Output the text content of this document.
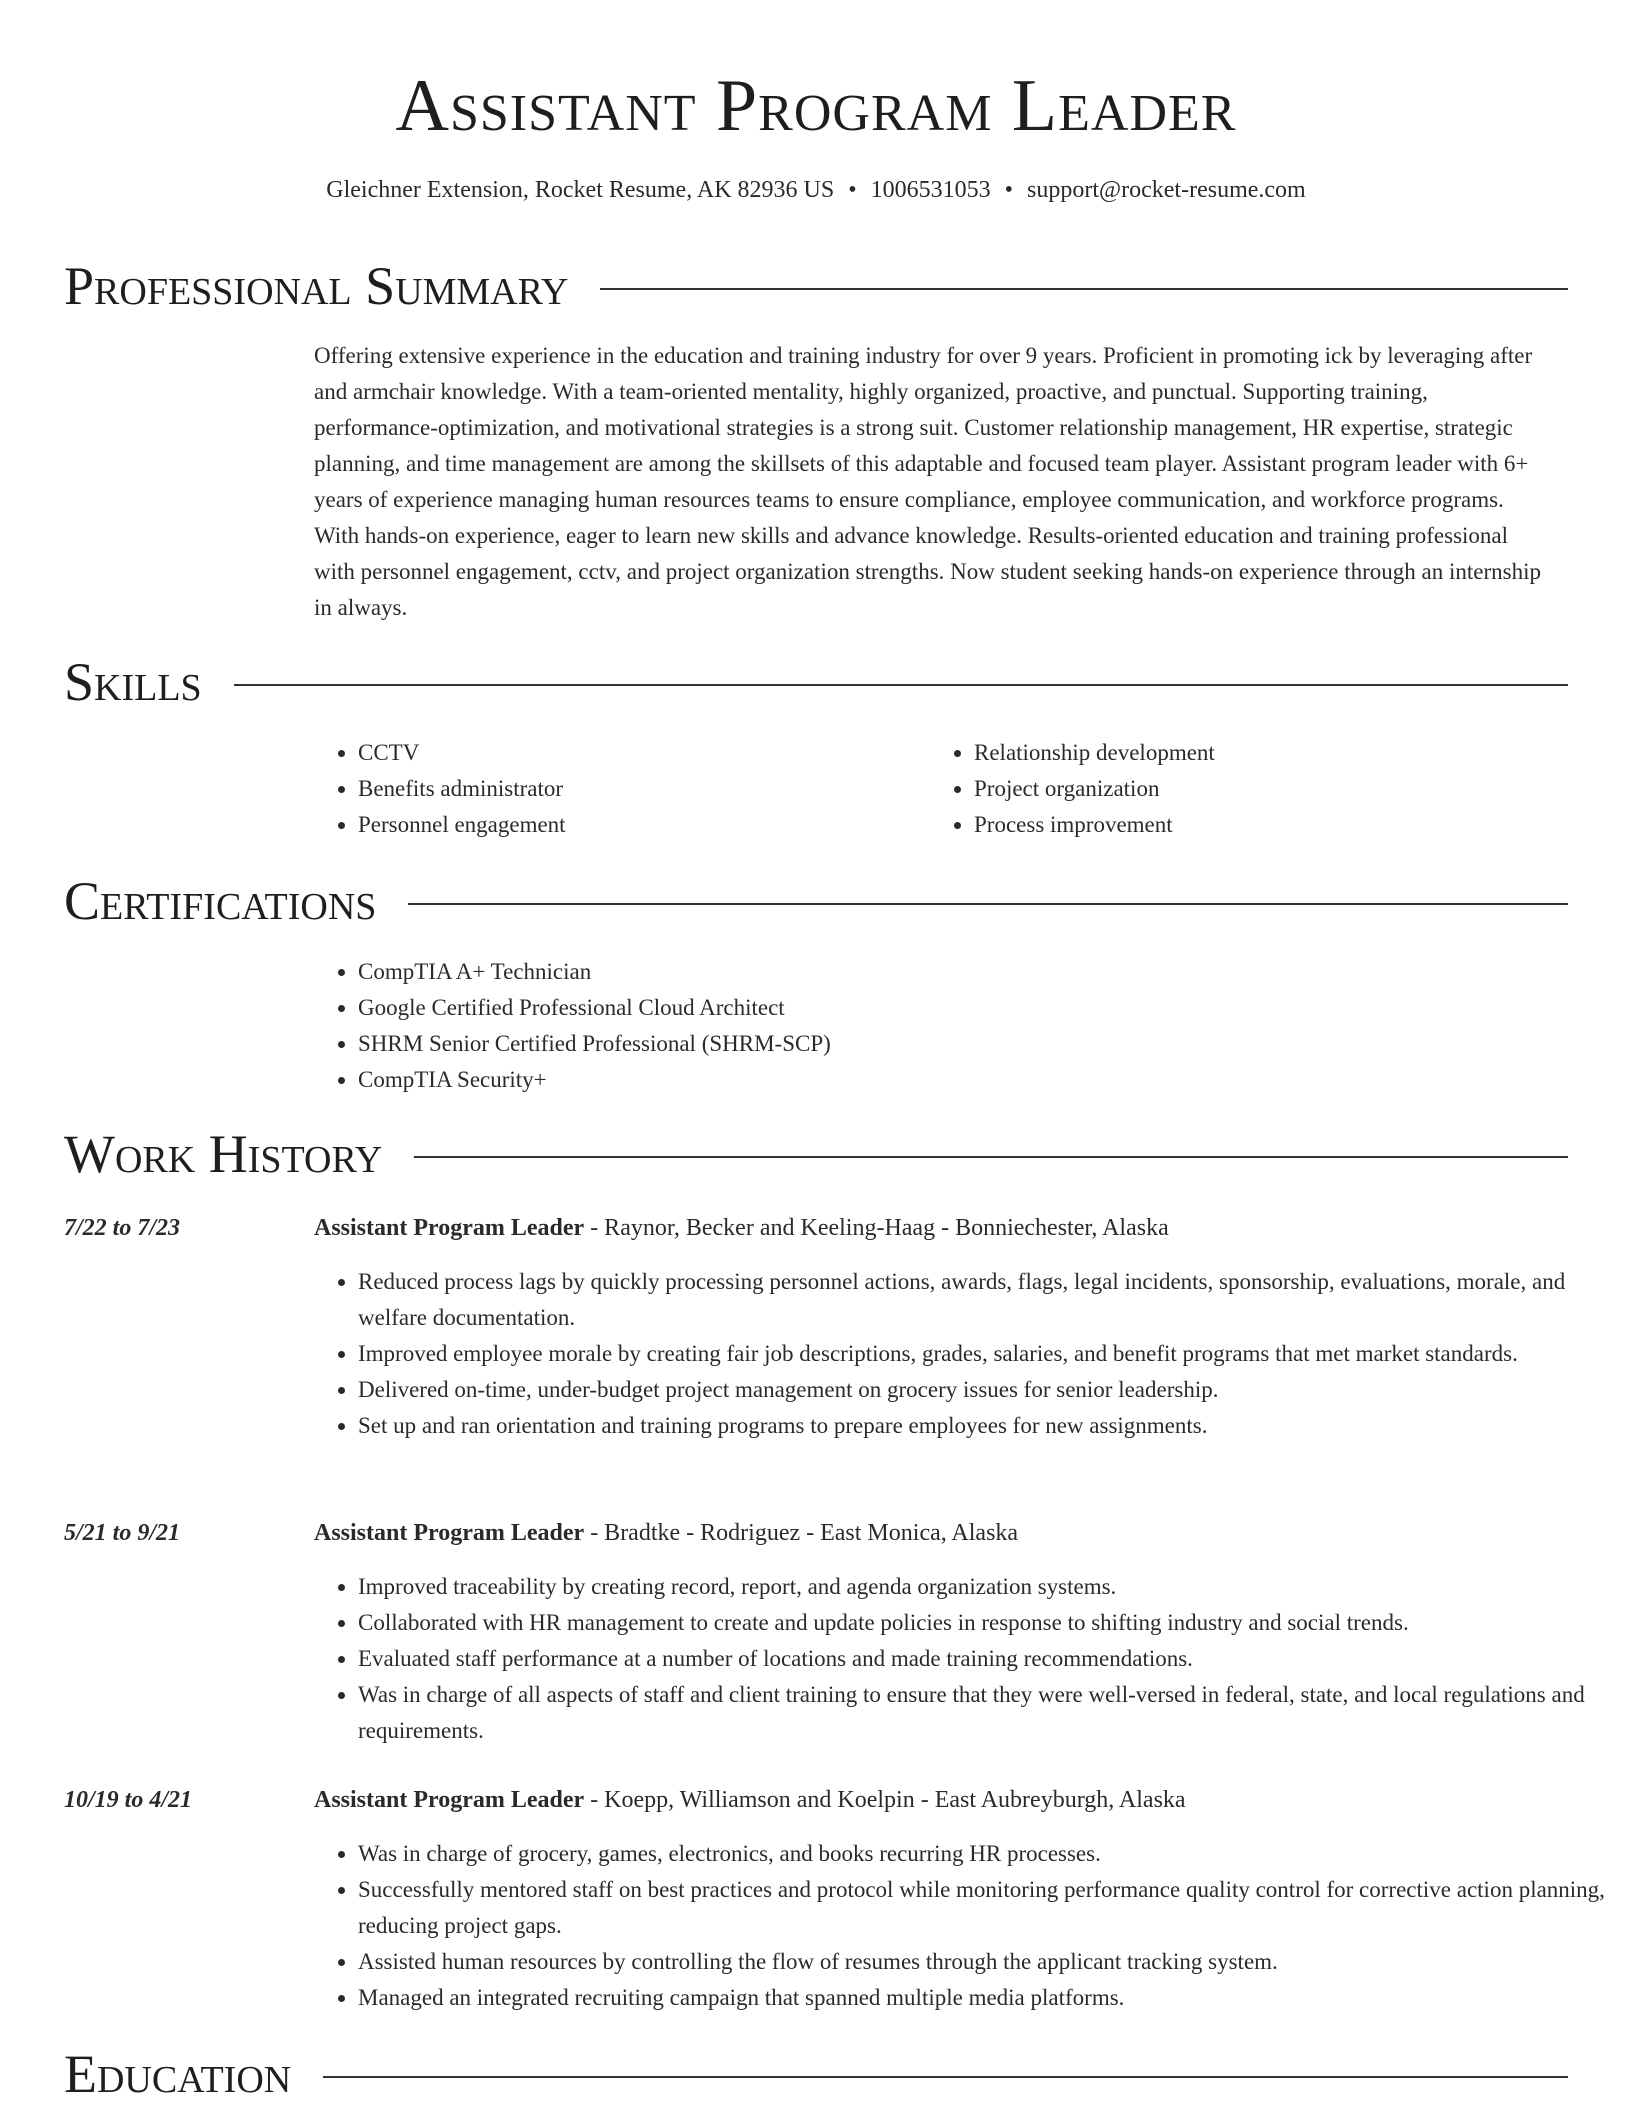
Assistant Program Leader
Gleichner Extension, Rocket Resume, AK 82936 US • 1006531053 • support@rocket-resume.com
Professional Summary

Offering extensive experience in the education and training industry for over 9 years. Proficient in promoting ick by leveraging after and armchair knowledge. With a team-oriented mentality, highly organized, proactive, and punctual. Supporting training, performance-optimization, and motivational strategies is a strong suit. Customer relationship management, HR expertise, strategic planning, and time management are among the skillsets of this adaptable and focused team player. Assistant program leader with 6+ years of experience managing human resources teams to ensure compliance, employee communication, and workforce programs. With hands-on experience, eager to learn new skills and advance knowledge. Results-oriented education and training professional with personnel engagement, cctv, and project organization strengths. Now student seeking hands-on experience through an internship in always.

Skills
• CCTV
• Benefits administrator
• Personnel engagement
• Relationship development
• Project organization
• Process improvement
Certifications
• CompTIA A+ Technician
• Google Certified Professional Cloud Architect
• SHRM Senior Certified Professional (SHRM-SCP)
• CompTIA Security+
Work History
7/22 to 7/23	Assistant Program Leader - Raynor, Becker and Keeling-Haag - Bonniechester, Alaska
• Reduced process lags by quickly processing personnel actions, awards, flags, legal incidents, sponsorship, evaluations, morale, and welfare documentation.
• Improved employee morale by creating fair job descriptions, grades, salaries, and benefit programs that met market standards.
• Delivered on-time, under-budget project management on grocery issues for senior leadership.
• Set up and ran orientation and training programs to prepare employees for new assignments.
5/21 to 9/21	Assistant Program Leader - Bradtke - Rodriguez - East Monica, Alaska
• Improved traceability by creating record, report, and agenda organization systems.
• Collaborated with HR management to create and update policies in response to shifting industry and social trends.
• Evaluated staff performance at a number of locations and made training recommendations.
• Was in charge of all aspects of staff and client training to ensure that they were well-versed in federal, state, and local regulations and requirements.
10/19 to 4/21	Assistant Program Leader - Koepp, Williamson and Koelpin - East Aubreyburgh, Alaska
• Was in charge of grocery, games, electronics, and books recurring HR processes.
• Successfully mentored staff on best practices and protocol while monitoring performance quality control for corrective action planning, reducing project gaps.
• Assisted human resources by controlling the flow of resumes through the applicant tracking system.
• Managed an integrated recruiting campaign that spanned multiple media platforms.
Education
